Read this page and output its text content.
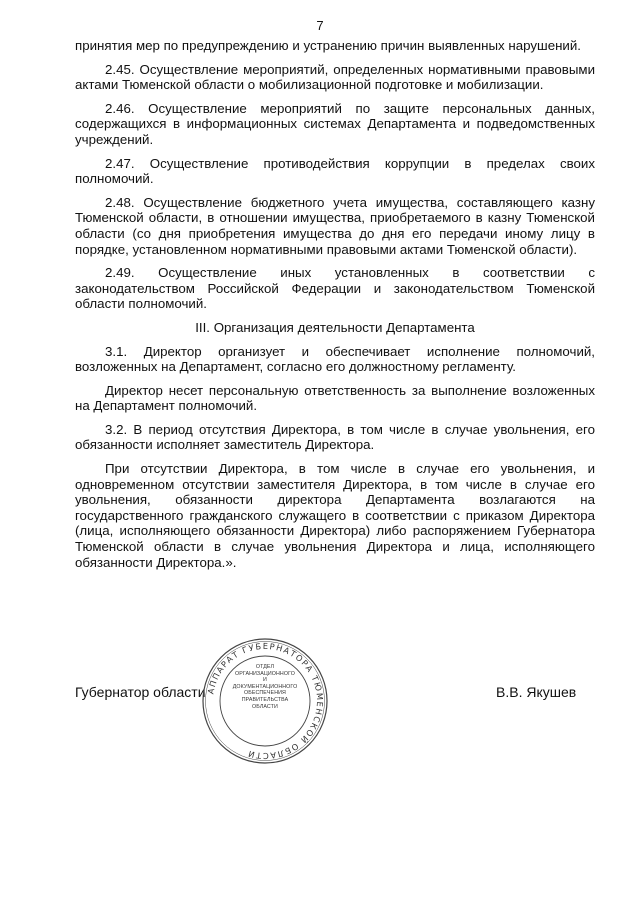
7

принятия мер по предупреждению и устранению причин выявленных нарушений.

2.45. Осуществление мероприятий, определенных нормативными правовыми актами Тюменской области о мобилизационной подготовке и мобилизации.

2.46. Осуществление мероприятий по защите персональных данных, содержащихся в информационных системах Департамента и подведомственных учреждений.

2.47. Осуществление противодействия коррупции в пределах своих полномочий.

2.48. Осуществление бюджетного учета имущества, составляющего казну Тюменской области, в отношении имущества, приобретаемого в казну Тюменской области (со дня приобретения имущества до дня его передачи иному лицу в порядке, установленном нормативными правовыми актами Тюменской области).

2.49. Осуществление иных установленных в соответствии с законодательством Российской Федерации и законодательством Тюменской области полномочий.

III. Организация деятельности Департамента

3.1. Директор организует и обеспечивает исполнение полномочий, возложенных на Департамент, согласно его должностному регламенту.

Директор несет персональную ответственность за выполнение возложенных на Департамент полномочий.

3.2. В период отсутствия Директора, в том числе в случае увольнения, его обязанности исполняет заместитель Директора.

При отсутствии Директора, в том числе в случае его увольнения, и одновременном отсутствии заместителя Директора, в том числе в случае его увольнения, обязанности директора Департамента возлагаются на государственного гражданского служащего в соответствии с приказом Директора (лица, исполняющего обязанности Директора) либо распоряжением Губернатора Тюменской области в случае увольнения Директора и лица, исполняющего обязанности Директора.».

Губернатор области АППАРАТ ГУБЕРНАТОРА ТЮМЕНСКОЙ ОБЛАСТИ
ОТДЕЛ
ОРГАНИЗАЦИОННОГО
И
ДОКУМЕНТАЦИОННОГО
ОБЕСПЕЧЕНИЯ
ПРАВИТЕЛЬСТВА
ОБЛАСТИ
В.В. Якушев
